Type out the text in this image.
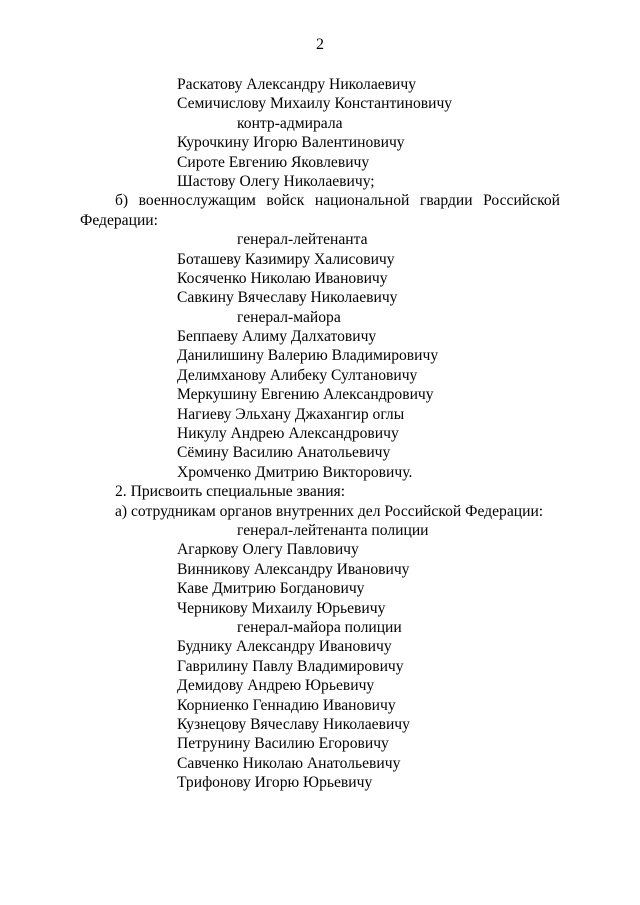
2
Раскатову Александру Николаевичу
Семичислову Михаилу Константиновичу
контр-адмирала
Курочкину Игорю Валентиновичу
Сироте Евгению Яковлевичу
Шастову Олегу Николаевичу;
б) военнослужащим войск национальной гвардии Российской
Федерации:
генерал-лейтенанта
Боташеву Казимиру Халисовичу
Косяченко Николаю Ивановичу
Савкину Вячеславу Николаевичу
генерал-майора
Беппаеву Алиму Далхатовичу
Данилишину Валерию Владимировичу
Делимханову Алибеку Султановичу
Меркушину Евгению Александровичу
Нагиеву Эльхану Джахангир оглы
Никулу Андрею Александровичу
Сёмину Василию Анатольевичу
Хромченко Дмитрию Викторовичу.
2. Присвоить специальные звания:
а) сотрудникам органов внутренних дел Российской Федерации:
генерал-лейтенанта полиции
Агаркову Олегу Павловичу
Винникову Александру Ивановичу
Каве Дмитрию Богдановичу
Черникову Михаилу Юрьевичу
генерал-майора полиции
Буднику Александру Ивановичу
Гаврилину Павлу Владимировичу
Демидову Андрею Юрьевичу
Корниенко Геннадию Ивановичу
Кузнецову Вячеславу Николаевичу
Петрунину Василию Егоровичу
Савченко Николаю Анатольевичу
Трифонову Игорю Юрьевичу
